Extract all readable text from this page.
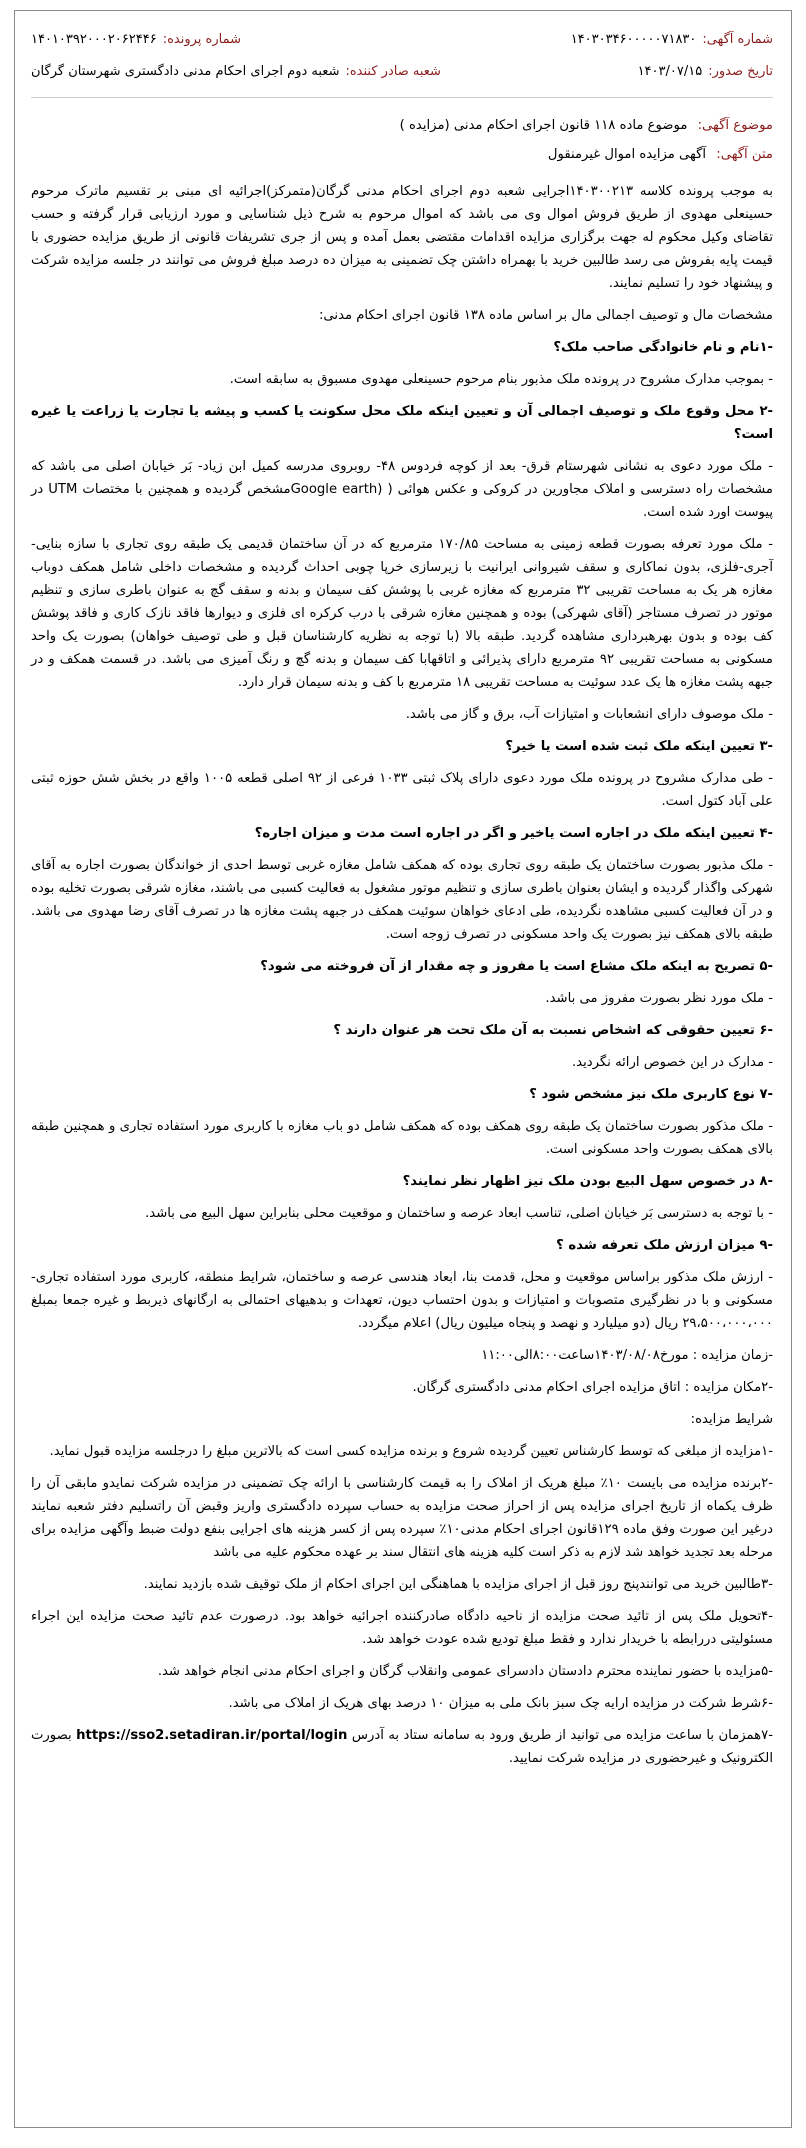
شماره آگهی:
۱۴۰۳۰۳۴۶۰۰۰۰۰۷۱۸۳۰
شماره پرونده:
۱۴۰۱۰۳۹۲۰۰۰۲۰۶۲۴۴۶
تاریخ صدور:
۱۴۰۳/۰۷/۱۵
شعبه صادر کننده:
شعبه دوم اجرای احکام مدنی دادگستری شهرستان گرگان
موضوع آگهی: موضوع ماده ۱۱۸ قانون اجرای احکام مدنی (مزایده )
متن آگهی: آگهی مزایده اموال غیرمنقول

به موجب پرونده کلاسه ۱۴۰۳۰۰۲۱۳اجرایی شعبه دوم اجرای احکام مدنی گرگان(متمرکز)اجرائیه ای مبنی بر تقسیم ماترک مرحوم حسینعلی مهدوی از طریق فروش اموال وی می باشد که اموال مرحوم به شرح ذیل شناسایی و مورد ارزیابی قرار گرفته و حسب تقاضای وکیل محکوم له جهت برگزاری مزایده اقدامات مقتضی بعمل آمده و پس از جری تشریفات قانونی از طریق مزایده حضوری با قیمت پایه بفروش می رسد طالبین خرید با بهمراه داشتن چک تضمینی به میزان ده درصد مبلغ فروش می توانند در جلسه مزایده شرکت و پیشنهاد خود را تسلیم نمایند.

مشخصات مال و توصیف اجمالی مال بر اساس ماده ۱۳۸ قانون اجرای احکام مدنی:

-۱نام و نام خانوادگی صاحب ملک؟

- بموجب مدارک مشروح در پرونده ملک مذبور بنام مرحوم حسینعلی مهدوی مسبوق به سابقه است.

-۲ محل وقوع ملک و توصیف اجمالی آن و تعیین اینکه ملک محل سکونت یا کسب و پیشه یا تجارت یا زراعت یا غیره است؟

- ملک مورد دعوی به نشانی شهرستام قرق- بعد از کوچه فردوس ۴۸- روبروی مدرسه کمیل ابن زیاد- بَر خیابان اصلی می باشد که مشخصات راه دسترسی و املاک مجاورین در کروکی و عکس هوائی ( (Google earthمشخص گردیده و همچنین با مختصات UTM در پیوست اورد شده است.

- ملک مورد تعرفه بصورت قطعه زمینی به مساحت ۱۷۰/۸۵ مترمربع که در آن ساختمان قدیمی یک طبقه روی تجاری با سازه بنایی-آجری-فلزی، بدون نماکاری و سقف شیروانی ایرانیت با زیرسازی خرپا چوبی احداث گردیده و مشخصات داخلی شامل همکف دوباب مغازه هر یک به مساحت تقریبی ۳۲ مترمربع که مغازه غربی با پوشش کف سیمان و بدنه و سقف گچ به عنوان باطری سازی و تنظیم موتور در تصرف مستاجر (آقای شهرکی) بوده و همچنین مغازه شرقی با درب کرکره ای فلزی و دیوارها فاقد نازک کاری و فاقد پوشش کف بوده و بدون بهرهبرداری مشاهده گردید. طبقه بالا (با توجه به نظریه کارشناسان قبل و طی توصیف خواهان) بصورت یک واحد مسکونی به مساحت تقریبی ۹۲ مترمربع دارای پذیرائی و اتاقهابا کف سیمان و بدنه گچ و رنگ آمیزی می باشد. در قسمت همکف و در جبهه پشت مغازه ها یک عدد سوئیت به مساحت تقریبی ۱۸ مترمربع با کف و بدنه سیمان قرار دارد.

- ملک موصوف دارای انشعابات و امتیازات آب، برق و گاز می باشد.

-۳ تعیین اینکه ملک ثبت شده است یا خیر؟

- طی مدارک مشروح در پرونده ملک مورد دعوی دارای پلاک ثبتی ۱۰۳۳ فرعی از ۹۲ اصلی قطعه ۱۰۰۵ واقع در بخش شش حوزه ثبتی علی آباد کتول است.

-۴ تعیین اینکه ملک در اجاره است یاخیر و اگر در اجاره است مدت و میزان اجاره؟

- ملک مذبور بصورت ساختمان یک طبقه روی تجاری بوده که همکف شامل مغازه غربی توسط احدی از خواندگان بصورت اجاره به آقای شهرکی واگذار گردیده و ایشان بعنوان باطری سازی و تنظیم موتور مشغول به فعالیت کسبی می باشند، مغازه شرقی بصورت تخلیه بوده و در آن فعالیت کسبی مشاهده نگردیده، طی ادعای خواهان سوئیت همکف در جبهه پشت مغازه ها در تصرف آقای رضا مهدوی می باشد. طبقه بالای همکف نیز بصورت یک واحد مسکونی در تصرف زوجه است.

-۵ تصریح به اینکه ملک مشاع است یا مفروز و چه مقدار از آن فروخته می شود؟

- ملک مورد نظر بصورت مفروز می باشد.

-۶ تعیین حقوقی که اشخاص نسبت به آن ملک تحت هر عنوان دارند ؟

- مدارک در این خصوص ارائه نگردید.

-۷ نوع کاربری ملک نیز مشخص شود ؟

- ملک مذکور بصورت ساختمان یک طبقه روی همکف بوده که همکف شامل دو باب مغازه با کاربری مورد استفاده تجاری و همچنین طبقه بالای همکف بصورت واحد مسکونی است.

-۸ در خصوص سهل البیع بودن ملک نیز اظهار نظر نمایند؟

- با توجه به دسترسی بَر خیابان اصلی، تناسب ابعاد عرصه و ساختمان و موقعیت محلی بنابراین سهل البیع می باشد.

-۹ میزان ارزش ملک تعرفه شده ؟

- ارزش ملک مذکور براساس موقعیت و محل، قدمت بنا، ابعاد هندسی عرصه و ساختمان، شرایط منطقه، کاربری مورد استفاده تجاری-مسکونی و با در نظرگیری متصوبات و امتیازات و بدون احتساب دیون، تعهدات و بدهیهای احتمالی به ارگانهای ذیربط و غیره جمعا بمبلغ ۲۹،۵۰۰،۰۰۰،۰۰۰ ریال (دو میلیارد و نهصد و پنجاه میلیون ریال) اعلام میگردد.

-زمان مزایده : مورخ۱۴۰۳/۰۸/۰۸ساعت۸:۰۰الی۱۱:۰۰

-۲مکان مزایده : اتاق مزایده اجرای احکام مدنی دادگستری گرگان.

شرایط مزایده:

-۱مزایده از مبلغی که توسط کارشناس تعیین گردیده شروع و برنده مزایده کسی است که بالاترین مبلغ را درجلسه مزایده قبول نماید.

-۲برنده مزایده می بایست ۱۰٪ مبلغ هریک از املاک را به قیمت کارشناسی با ارائه چک تضمینی در مزایده شرکت نمایدو مابقی آن را ظرف یکماه از تاریخ اجرای مزایده پس از احراز صحت مزایده به حساب سپرده دادگستری واریز وقبض آن راتسلیم دفتر شعبه نمایند درغیر این صورت وفق ماده ۱۲۹قانون اجرای احکام مدنی۱۰٪ سپرده پس از کسر هزینه های اجرایی بنفع دولت ضبط وآگهی مزایده برای مرحله بعد تجدید خواهد شد لازم به ذکر است کلیه هزینه های انتقال سند بر عهده محکوم علیه می باشد

-۳طالبین خرید می توانندپنج روز قبل از اجرای مزایده با هماهنگی این اجرای احکام از ملک توقیف شده بازدید نمایند.

-۴تحویل ملک پس از تائید صحت مزایده از ناحیه دادگاه صادرکننده اجرائیه خواهد بود. درصورت عدم تائید صحت مزایده این اجراء مسئولیتی دررابطه با خریدار ندارد و فقط مبلغ تودیع شده عودت خواهد شد.

-۵مزایده با حضور نماینده محترم دادستان دادسرای عمومی وانقلاب گرگان و اجرای احکام مدنی انجام خواهد شد.

-۶شرط شرکت در مزایده ارایه چک سبز بانک ملی به میزان ۱۰ درصد بهای هریک از املاک می باشد.

-۷همزمان با ساعت مزایده می توانید از طریق ورود به سامانه ستاد به آدرس https://sso2.setadiran.ir/portal/login بصورت الکترونیک و غیرحضوری در مزایده شرکت نمایید.
